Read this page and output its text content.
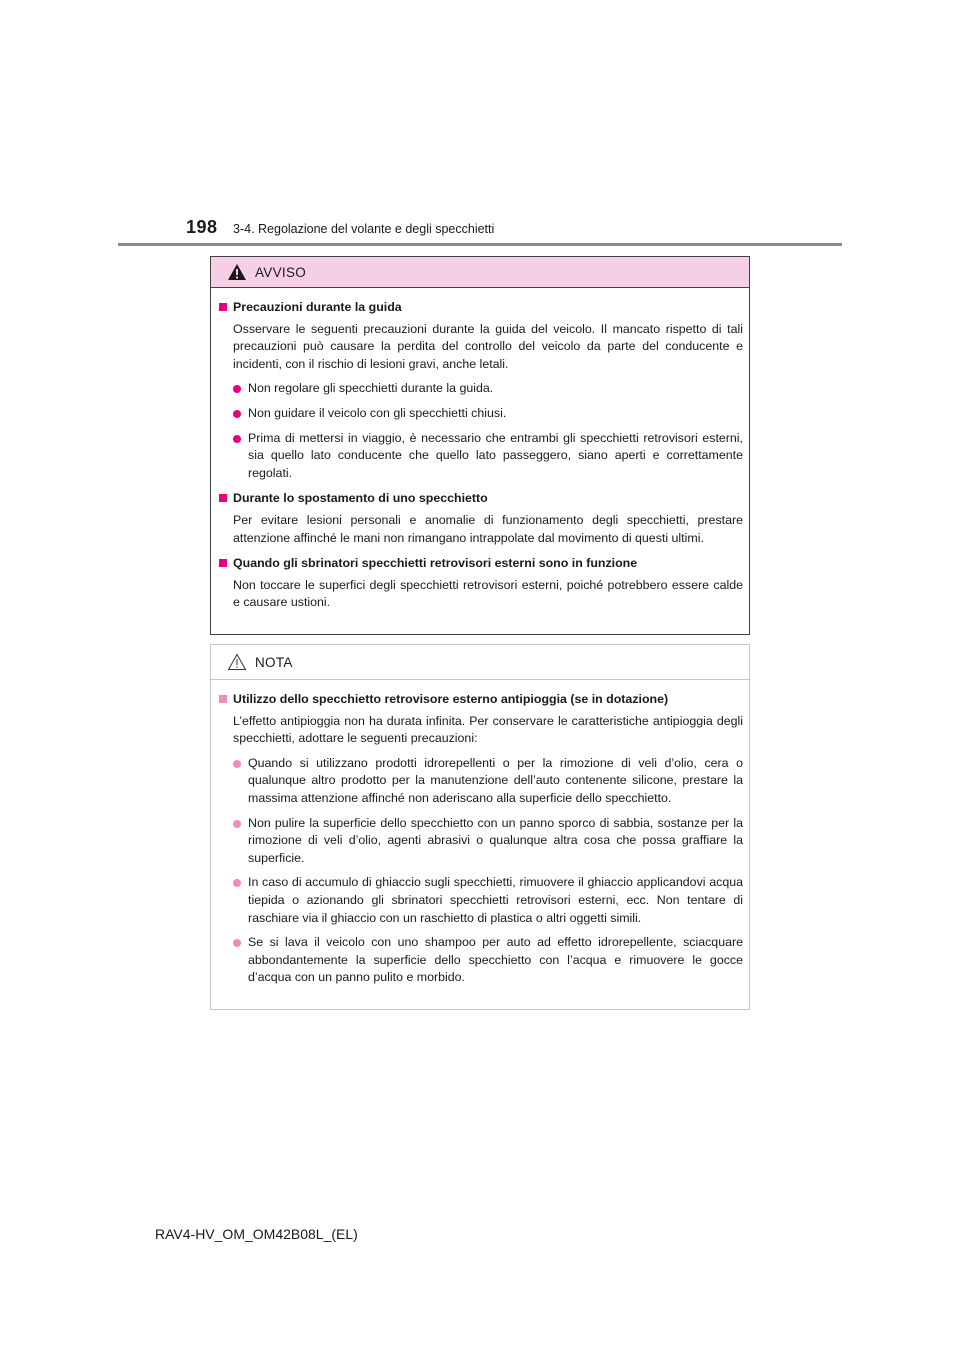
198 3-4. Regolazione del volante e degli specchietti
AVVISO
Precauzioni durante la guida
Osservare le seguenti precauzioni durante la guida del veicolo. Il mancato rispetto di tali precauzioni può causare la perdita del controllo del veicolo da parte del conducente e incidenti, con il rischio di lesioni gravi, anche letali.
Non regolare gli specchietti durante la guida.
Non guidare il veicolo con gli specchietti chiusi.
Prima di mettersi in viaggio, è necessario che entrambi gli specchietti retrovisori esterni, sia quello lato conducente che quello lato passeggero, siano aperti e correttamente regolati.
Durante lo spostamento di uno specchietto
Per evitare lesioni personali e anomalie di funzionamento degli specchietti, prestare attenzione affinché le mani non rimangano intrappolate dal movimento di questi ultimi.
Quando gli sbrinatori specchietti retrovisori esterni sono in funzione
Non toccare le superfici degli specchietti retrovisori esterni, poiché potrebbero essere calde e causare ustioni.
NOTA
Utilizzo dello specchietto retrovisore esterno antipioggia (se in dotazione)
L’effetto antipioggia non ha durata infinita. Per conservare le caratteristiche antipioggia degli specchietti, adottare le seguenti precauzioni:
Quando si utilizzano prodotti idrorepellenti o per la rimozione di veli d’olio, cera o qualunque altro prodotto per la manutenzione dell’auto contenente silicone, prestare la massima attenzione affinché non aderiscano alla superficie dello specchietto.
Non pulire la superficie dello specchietto con un panno sporco di sabbia, sostanze per la rimozione di veli d’olio, agenti abrasivi o qualunque altra cosa che possa graffiare la superficie.
In caso di accumulo di ghiaccio sugli specchietti, rimuovere il ghiaccio applicandovi acqua tiepida o azionando gli sbrinatori specchietti retrovisori esterni, ecc. Non tentare di raschiare via il ghiaccio con un raschietto di plastica o altri oggetti simili.
Se si lava il veicolo con uno shampoo per auto ad effetto idrorepellente, sciacquare abbondantemente la superficie dello specchietto con l’acqua e rimuovere le gocce d’acqua con un panno pulito e morbido.
RAV4-HV_OM_OM42B08L_(EL)
